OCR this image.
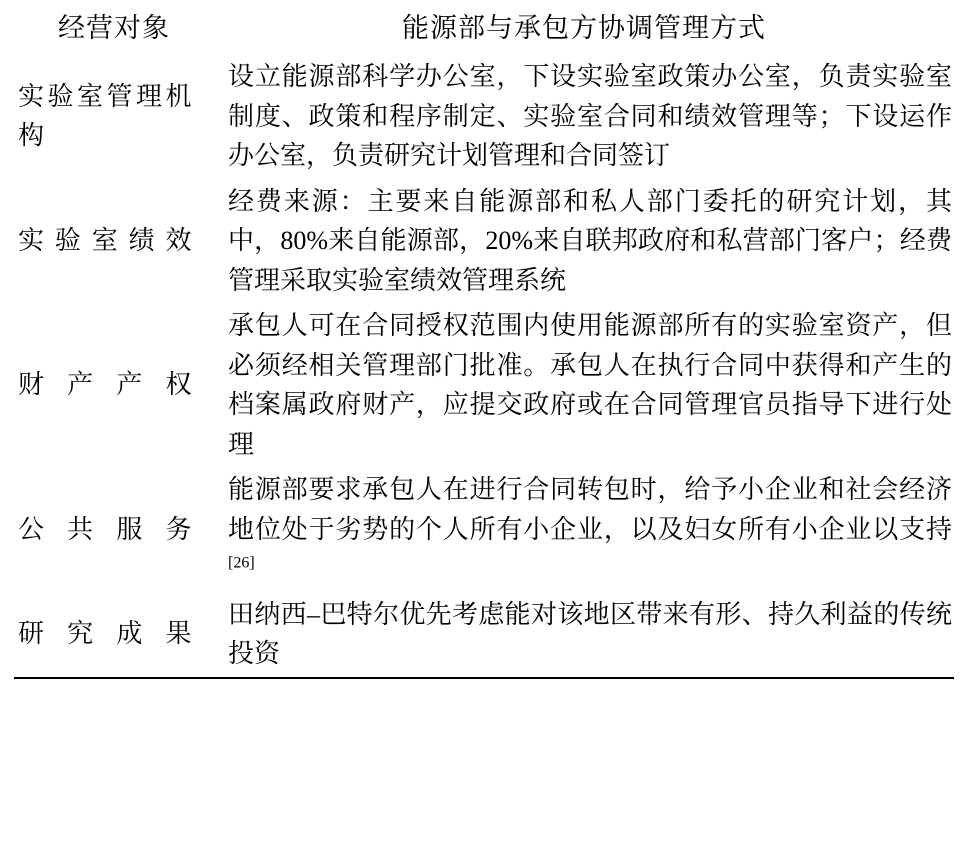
经营对象	能源部与承包方协调管理方式

实验室管理机构	设立能源部科学办公室，下设实验室政策办公室，负责实验室制度、政策和程序制定、实验室合同和绩效管理等；下设运作办公室，负责研究计划管理和合同签订

实验室绩效	经费来源：主要来自能源部和私人部门委托的研究计划，其中，80%来自能源部，20%来自联邦政府和私营部门客户；经费管理采取实验室绩效管理系统

财产产权	承包人可在合同授权范围内使用能源部所有的实验室资产，但必须经相关管理部门批准。承包人在执行合同中获得和产生的档案属政府财产，应提交政府或在合同管理官员指导下进行处理

公共服务	能源部要求承包人在进行合同转包时，给予小企业和社会经济地位处于劣势的个人所有小企业，以及妇女所有小企业以支持[26]

研究成果	田纳西–巴特尔优先考虑能对该地区带来有形、持久利益的传统投资
